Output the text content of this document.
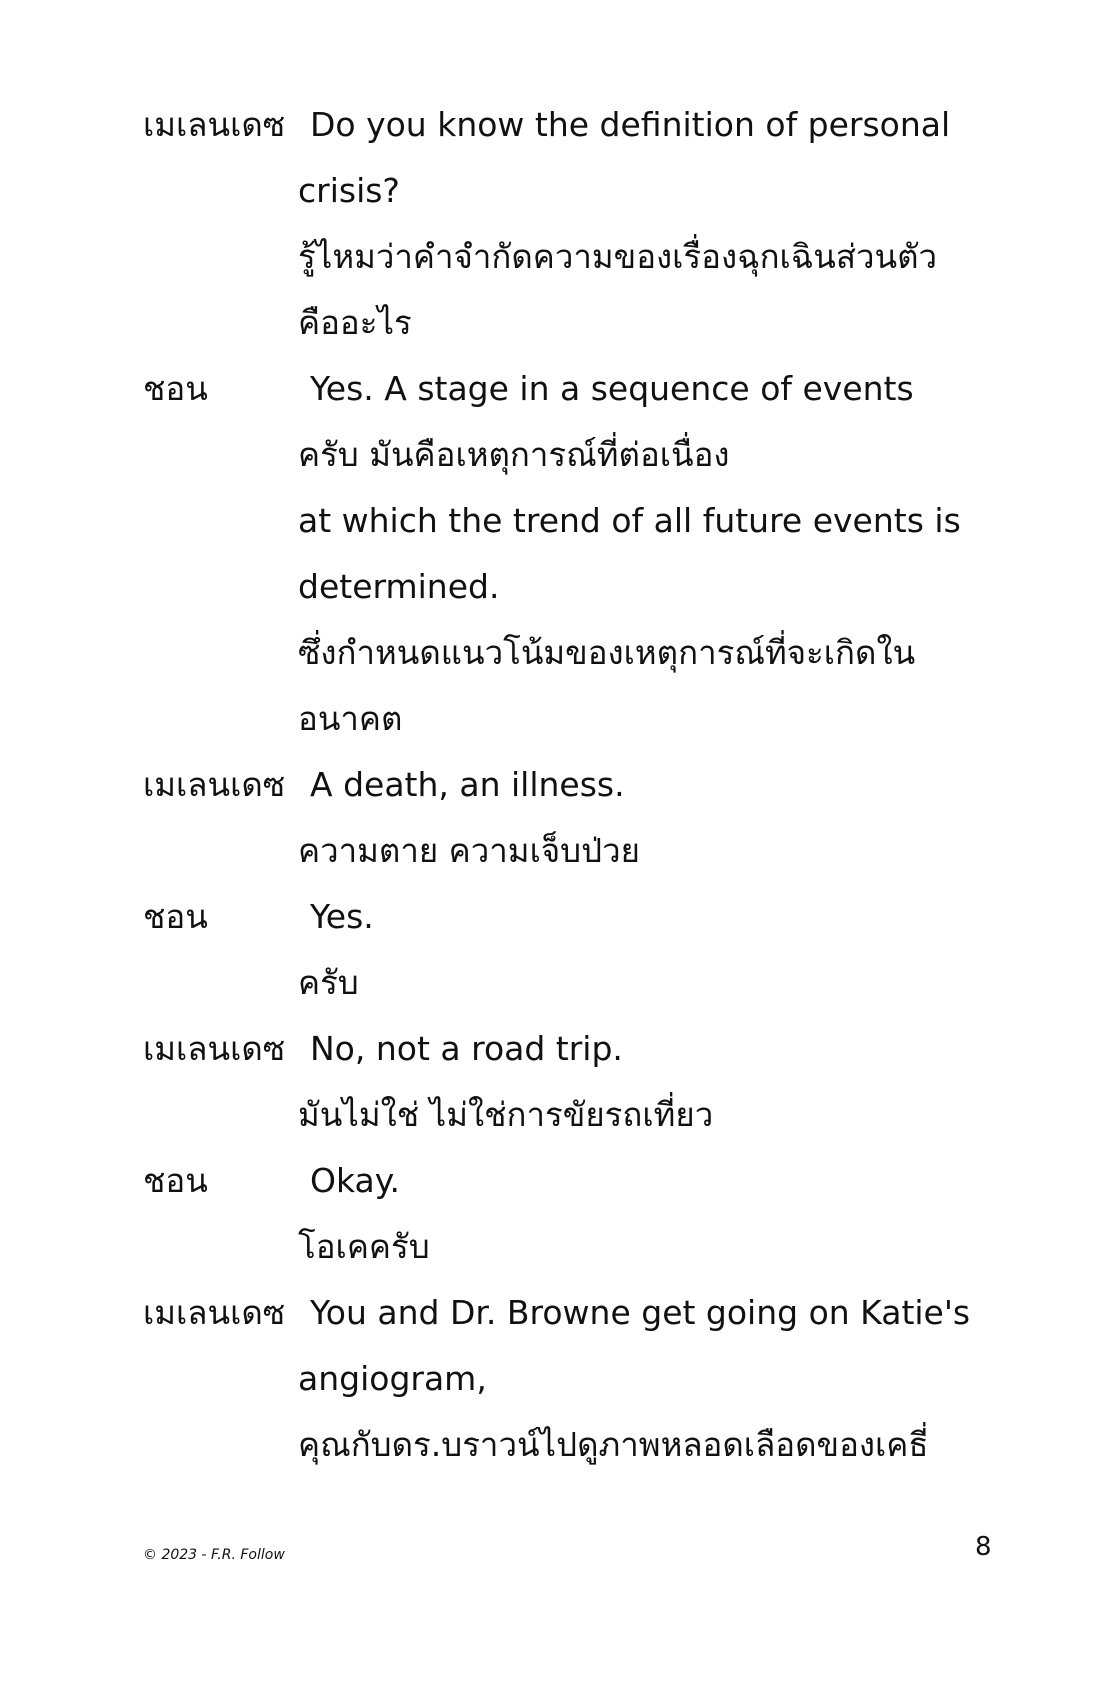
เมเลนเดซ Do you know the definition of personal
crisis?
รู้ไหมว่าคำจำกัดความของเรื่องฉุกเฉินส่วนตัว
คืออะไร
ชอน	Yes. A stage in a sequence of events
ครับ มันคือเหตุการณ์ที่ต่อเนื่อง
at which the trend of all future events is
determined.
ซึ่งกำหนดแนวโน้มของเหตุการณ์ที่จะเกิดใน
อนาคต
เมเลนเดซ A death, an illness.
ความตาย ความเจ็บป่วย
ชอน	Yes.
ครับ
เมเลนเดซ No, not a road trip.
มันไม่ใช่ ไม่ใช่การขัยรถเที่ยว
ชอน	Okay.
โอเคครับ
เมเลนเดซ You and Dr. Browne get going on Katie's
angiogram,
คุณกับดร.บราวน์ไปดูภาพหลอดเลือดของเคธี่
© 2023 - F.R. Follow	8
